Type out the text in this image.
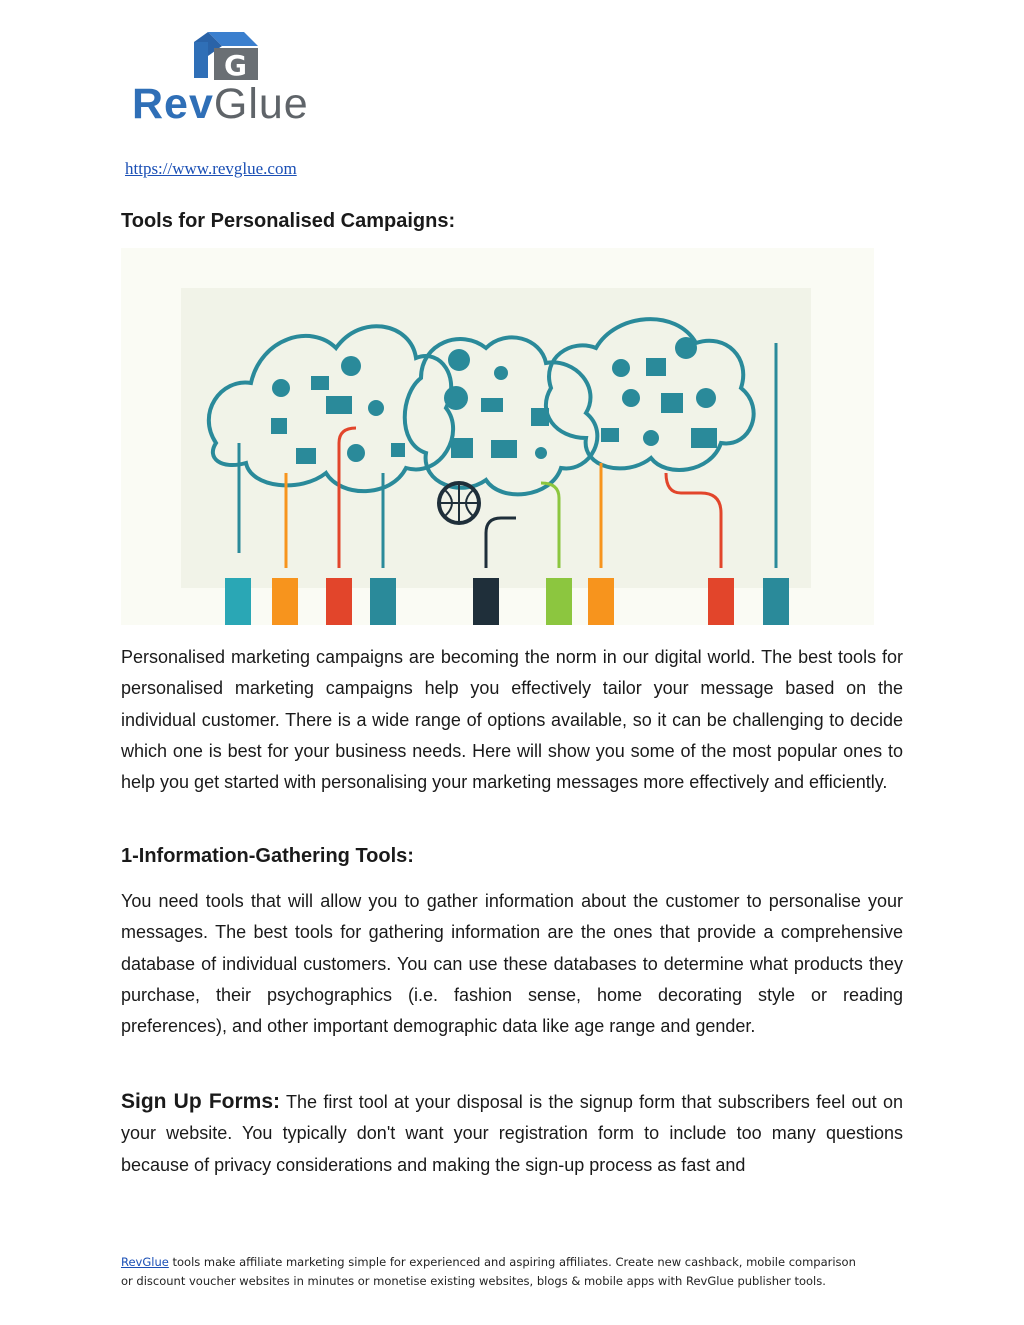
G
RevGlue
https://www.revglue.com
Tools for Personalised Campaigns:

Personalised marketing campaigns are becoming the norm in our digital world. The best tools for personalised marketing campaigns help you effectively tailor your message based on the individual customer. There is a wide range of options available, so it can be challenging to decide which one is best for your business needs. Here will show you some of the most popular ones to help you get started with personalising your marketing messages more effectively and efficiently.

1-Information-Gathering Tools:

You need tools that will allow you to gather information about the customer to personalise your messages. The best tools for gathering information are the ones that provide a comprehensive database of individual customers. You can use these databases to determine what products they purchase, their psychographics (i.e. fashion sense, home decorating style or reading preferences), and other important demographic data like age range and gender.

Sign Up Forms: The first tool at your disposal is the signup form that subscribers feel out on your website. You typically don't want your registration form to include too many questions because of privacy considerations and making the sign-up process as fast and

RevGlue tools make affiliate marketing simple for experienced and aspiring affiliates. Create new cashback, mobile comparison
or discount voucher websites in minutes or monetise existing websites, blogs & mobile apps with RevGlue publisher tools.
